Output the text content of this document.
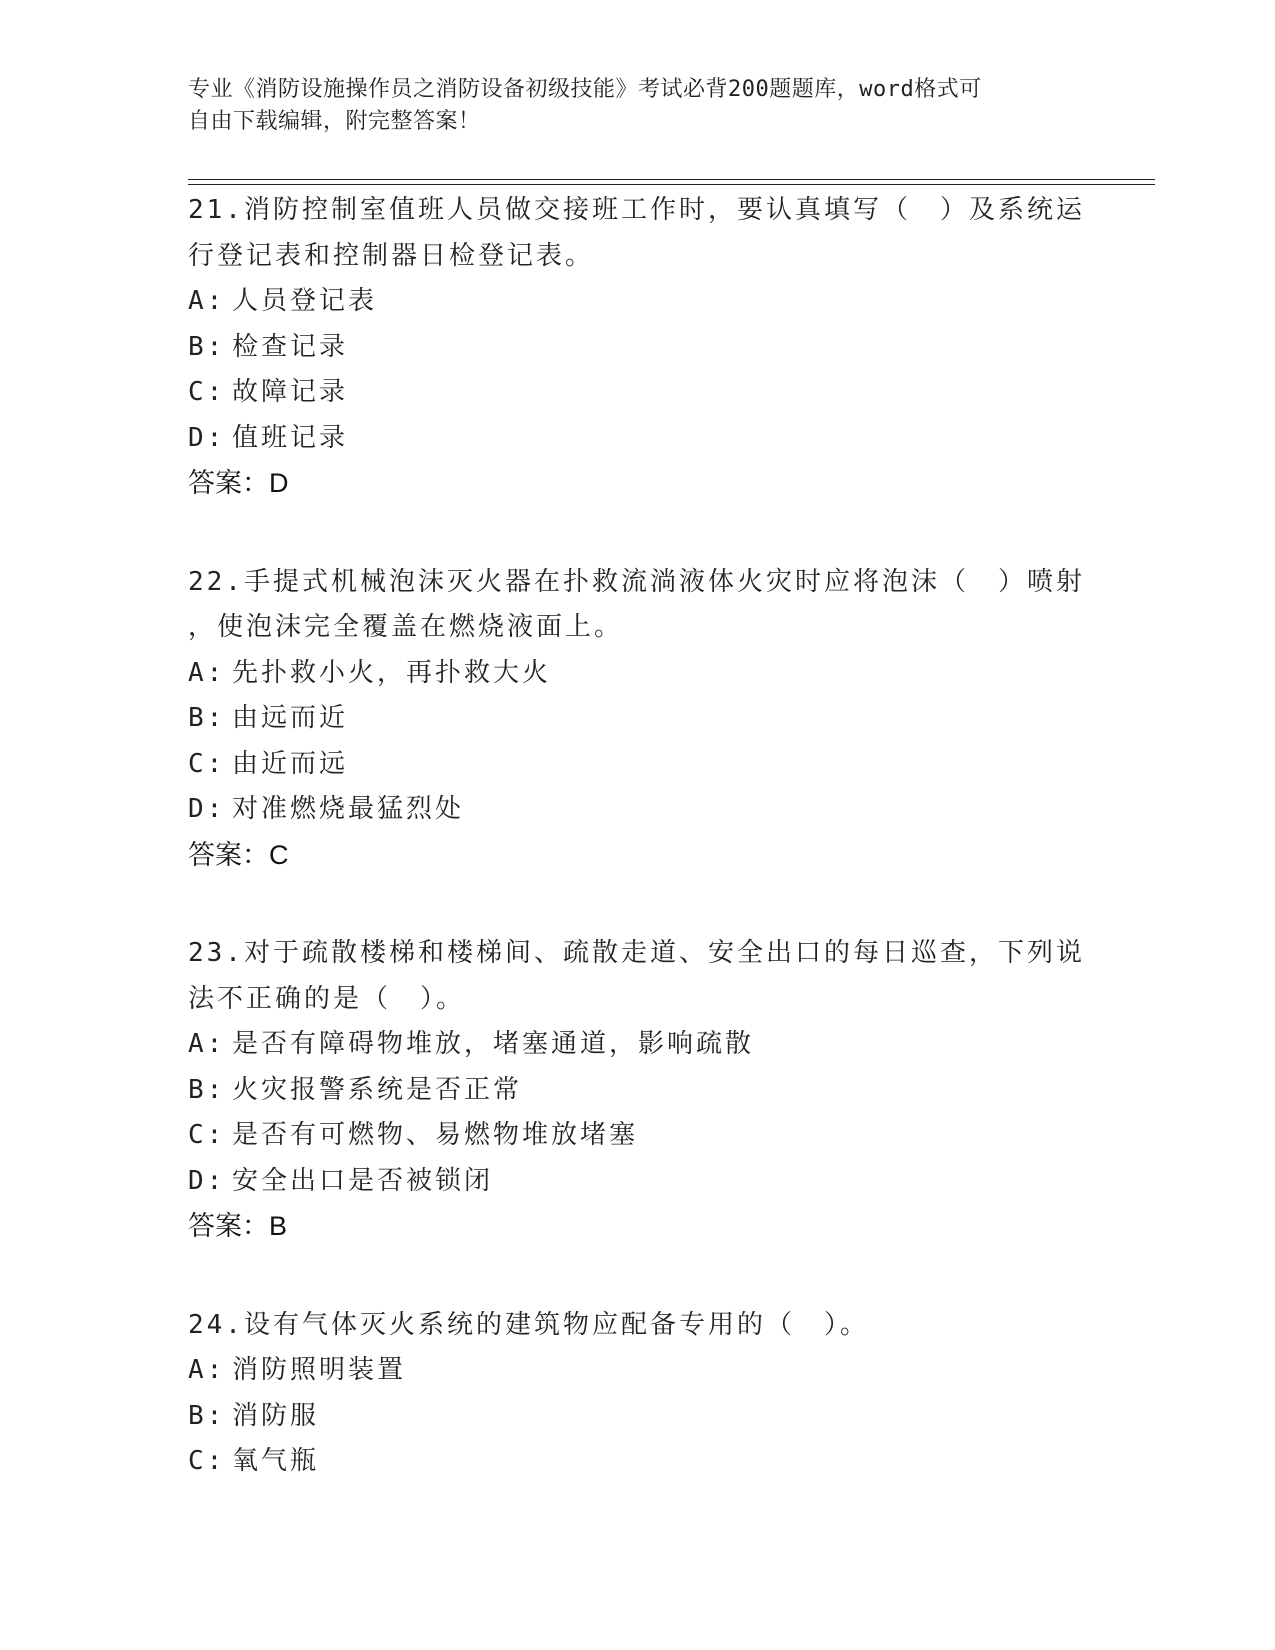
专业《消防设施操作员之消防设备初级技能》考试必背200题题库，word格式可
自由下载编辑，附完整答案！
21.消防控制室值班人员做交接班工作时，要认真填写（　）及系统运
行登记表和控制器日检登记表。
A: 人员登记表
B: 检查记录
C: 故障记录
D: 值班记录
答案：D
22.手提式机械泡沫灭火器在扑救流淌液体火灾时应将泡沫（　）喷射
，使泡沫完全覆盖在燃烧液面上。
A: 先扑救小火，再扑救大火
B: 由远而近
C: 由近而远
D: 对准燃烧最猛烈处
答案：C
23.对于疏散楼梯和楼梯间、疏散走道、安全出口的每日巡查，下列说
法不正确的是（　）。
A: 是否有障碍物堆放，堵塞通道，影响疏散
B: 火灾报警系统是否正常
C: 是否有可燃物、易燃物堆放堵塞
D: 安全出口是否被锁闭
答案：B
24.设有气体灭火系统的建筑物应配备专用的（　）。
A: 消防照明装置
B: 消防服
C: 氧气瓶
